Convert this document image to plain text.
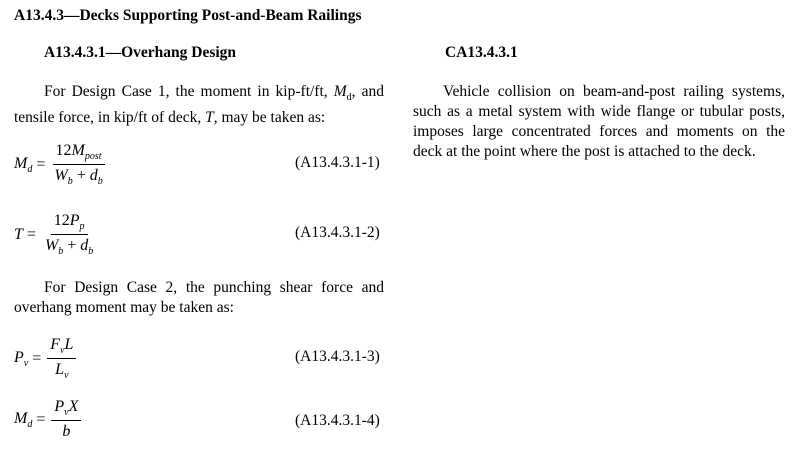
A13.4.3—Decks Supporting Post-and-Beam Railings
A13.4.3.1—Overhang Design
For Design Case 1, the moment in kip-ft/ft, $M_d$, and tensile force, in kip/ft of deck, T, may be taken as:
$M_d = \frac{12M_{post}}{W_b + d_b}$	(A13.4.3.1-1)
$T = \frac{12P_p}{W_b + d_b}$	(A13.4.3.1-2)
For Design Case 2, the punching shear force and overhang moment may be taken as:
$P_v = \frac{F_vL}{L_v}$	(A13.4.3.1-3)
$M_d = \frac{P_vX}{b}$	(A13.4.3.1-4)
CA13.4.3.1
Vehicle collision on beam-and-post railing systems, such as a metal system with wide flange or tubular posts, imposes large concentrated forces and moments on the deck at the point where the post is attached to the deck.
